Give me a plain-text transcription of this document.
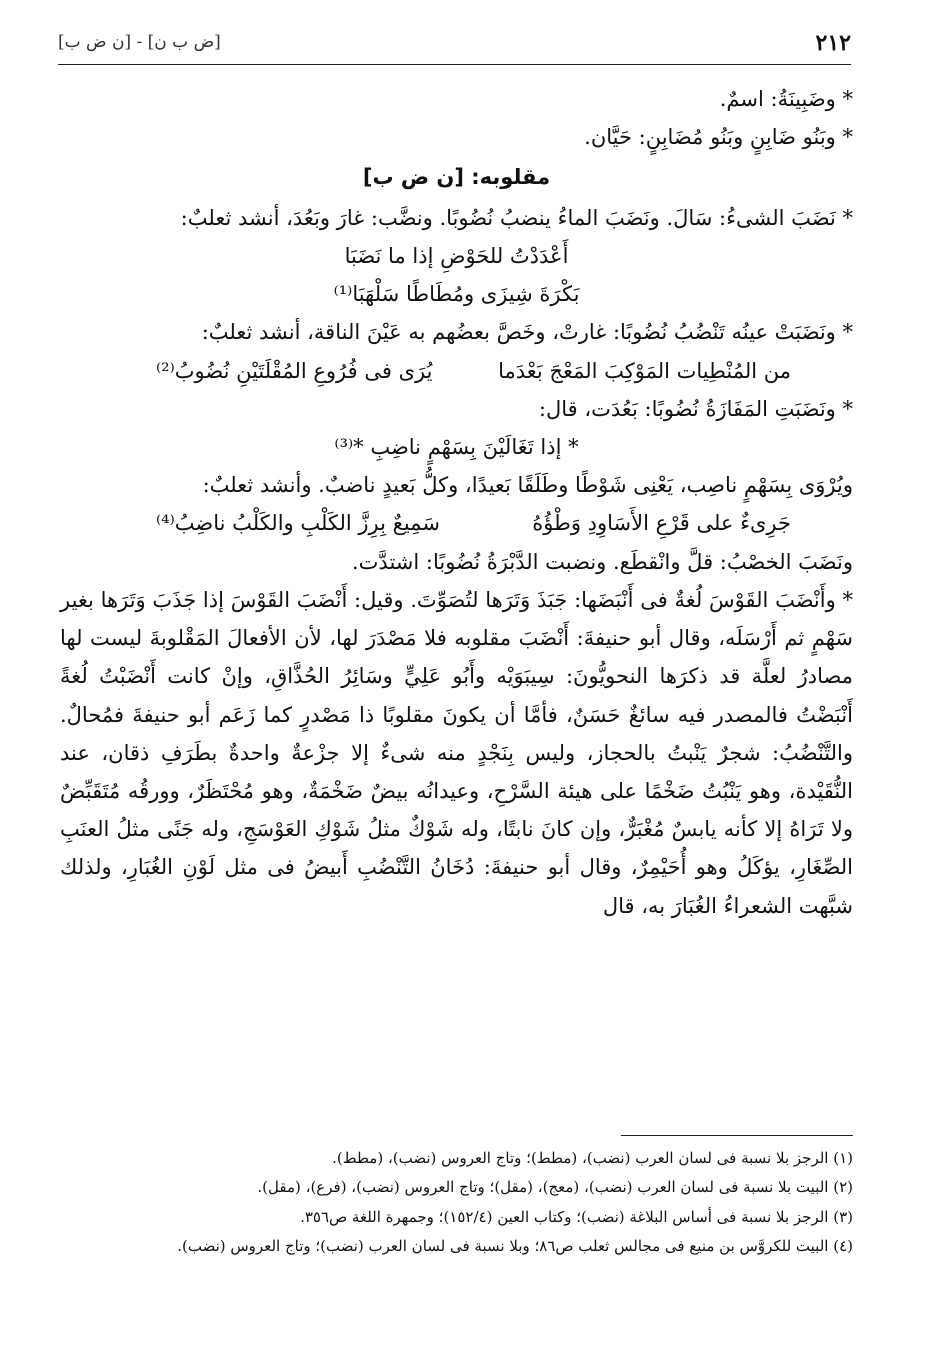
٢١٢
[ض ب ن] - [ن ض ب]

* وضَبِينَةُ: اسمٌ.

* وبَنُو ضَابِنٍ وبَنُو مُضَابِنٍ: حَيَّان.

مقلوبه: [ن ض ب]

* نَضَبَ الشىءُ: سَالَ. ونَضَبَ الماءُ ينضبُ نُضُوبًا. ونضَّب: غارَ وبَعُدَ، أنشد ثعلبٌ:

أَعْدَدْتُ للحَوْضِ إذا ما نَضَبَا

بَكْرَةَ شِيزَى ومُطَاطًا سَلْهَبَا⁽¹⁾

* ونَضَبَتْ عينُه تَنْضُبُ نُضُوبًا: غارتْ، وخَصَّ بعضُهم به عَيْنَ الناقة، أنشد ثعلبٌ:

من المُنْطِيات المَوْكِبَ المَعْجَ بَعْدَما
يُرَى فى فُرُوعِ المُقْلَتَيْنِ نُضُوبُ⁽²⁾

* ونَضَبَتِ المَفَازَةُ نُضُوبًا: بَعُدَت، قال:

* إذا تَغَالَيْنَ بِسَهْمٍ ناضِبِ *⁽³⁾

ويُرْوَى بِسَهْمٍ ناصِب، يَعْنِى شَوْطًا وطَلَقًا بَعيدًا، وكلُّ بَعيدٍ ناضبٌ. وأنشد ثعلبٌ:

جَرِىءٌ على قَرْعِ الأَسَاوِدِ وَطْؤُهُ
سَمِيعٌ بِرِزَّ الكَلْبِ والكَلْبُ ناضِبُ⁽⁴⁾

ونَضَبَ الخصْبُ: قلَّ وانْقطَع. ونضبت الدَّبْرَةُ نُضُوبًا: اشتدَّت.

* وأَنْضَبَ القَوْسَ لُغةٌ فى أَنْبَضَها: جَبَذَ وَتَرَها لتُصَوِّتَ. وقيل: أَنْضَبَ القَوْسَ إذا جَذَبَ وَتَرَها بغير سَهْمٍ ثم أَرْسَلَه، وقال أبو حنيفةَ: أَنْضَبَ مقلوبه فلا مَصْدَرَ لها، لأن الأفعالَ المَقْلوبةَ ليست لها مصادرُ لعلَّة قد ذكرَها النحويُّونَ: سِيبَوَيْه وأَبُو عَلِيٍّ وسَائِرُ الحُذَّاقِ، وإنْ كانت أَنْضَبْتُ لُغةً أَنْبَضْتُ فالمصدر فيه سائغٌ حَسَنٌ، فأمَّا أن يكونَ مقلوبًا ذا مَصْدرٍ كما زَعَم أبو حنيفةَ فمُحالٌ. والتَّنْضُبُ: شجرٌ يَنْبتُ بالحجاز، وليس بِنَجْدٍ منه شىءٌ إلا جزْعةٌ واحدةٌ بطَرَفِ ذقان، عند النُّقَيْدة، وهو يَنْبُتُ ضَخْمًا على هيئة السَّرْحِ، وعيدانُه بيضٌ ضَخْمَةٌ، وهو مُحْتَظَرٌ، وورقُه مُتَقَبِّضٌ ولا تَرَاهُ إلا كأنه يابسٌ مُغْبَرٌّ، وإن كانَ نابتًا، وله شَوْكٌ مثلُ شَوْكِ العَوْسَجِ، وله جَنًى مثلُ العنَبِ الصِّغَارِ، يؤكَلُ وهو أُحَيْمِرٌ، وقال أبو حنيفةَ: دُخَانُ التَّنْضُبِ أَبيضُ فى مثل لَوْنِ الغُبَارِ، ولذلك شبَّهت الشعراءُ الغُبَارَ به، قال

(١) الرجز بلا نسبة فى لسان العرب (نضب)، (مطط)؛ وتاج العروس (نضب)، (مطط).

(٢) البيت بلا نسبة فى لسان العرب (نضب)، (معج)، (مقل)؛ وتاج العروس (نضب)، (فرع)، (مقل).

(٣) الرجز بلا نسبة فى أساس البلاغة (نضب)؛ وكتاب العين (١٥٢/٤)؛ وجمهرة اللغة ص٣٥٦.

(٤) البيت للكروَّس بن منيع فى مجالس ثعلب ص٨٦؛ وبلا نسبة فى لسان العرب (نضب)؛ وتاج العروس (نضب).
